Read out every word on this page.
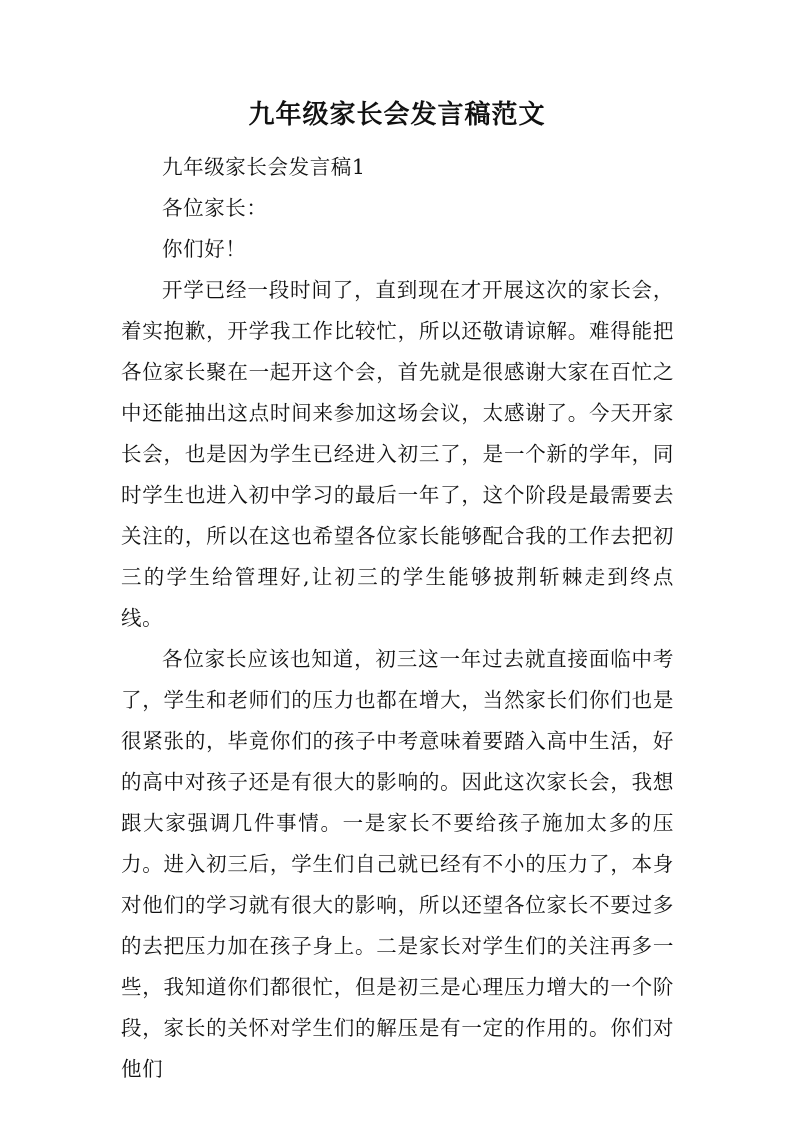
九年级家长会发言稿范文

九年级家长会发言稿1

各位家长：

你们好！

开学已经一段时间了，直到现在才开展这次的家长会，着实抱歉，开学我工作比较忙，所以还敬请谅解。难得能把各位家长聚在一起开这个会，首先就是很感谢大家在百忙之中还能抽出这点时间来参加这场会议，太感谢了。今天开家长会，也是因为学生已经进入初三了，是一个新的学年，同时学生也进入初中学习的最后一年了，这个阶段是最需要去关注的，所以在这也希望各位家长能够配合我的工作去把初三的学生给管理好,让初三的学生能够披荆斩棘走到终点线。

各位家长应该也知道，初三这一年过去就直接面临中考了，学生和老师们的压力也都在增大，当然家长们你们也是很紧张的，毕竟你们的孩子中考意味着要踏入高中生活，好的高中对孩子还是有很大的影响的。因此这次家长会，我想跟大家强调几件事情。一是家长不要给孩子施加太多的压力。进入初三后，学生们自己就已经有不小的压力了，本身对他们的学习就有很大的影响，所以还望各位家长不要过多的去把压力加在孩子身上。二是家长对学生们的关注再多一些，我知道你们都很忙，但是初三是心理压力增大的一个阶段，家长的关怀对学生们的解压是有一定的作用的。你们对他们
